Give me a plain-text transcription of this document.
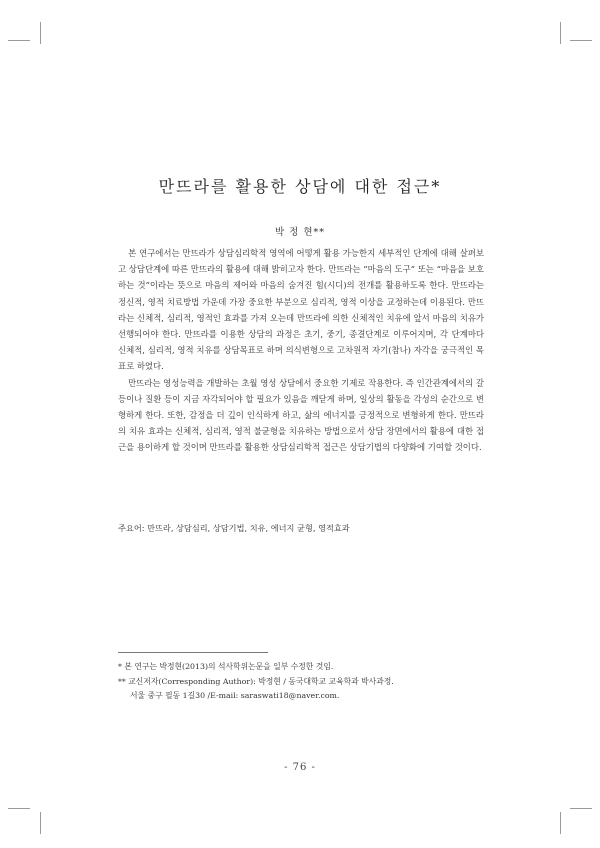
만뜨라를 활용한 상담에 대한 접근*
박 정 현**

본 연구에서는 만뜨라가 상담심리학적 영역에 어떻게 활용 가능한지 세부적인 단계에 대해 살펴보고 상담단계에 따른 만뜨라의 활용에 대해 밝히고자 한다. 만뜨라는 “마음의 도구” 또는 “마음을 보호하는 것”이라는 뜻으로 마음의 제어와 마음의 숨겨진 힘(시디)의 전개를 활용하도록 한다. 만뜨라는 정신적, 영적 치료방법 가운데 가장 중요한 부분으로 심리적, 영적 이상을 교정하는데 이용된다. 만뜨라는 신체적, 심리적, 영적인 효과를 가져 오는데 만뜨라에 의한 신체적인 치유에 앞서 마음의 치유가 선행되어야 한다. 만뜨라를 이용한 상담의 과정은 초기, 중기, 종결단계로 이루어지며, 각 단계마다 신체적, 심리적, 영적 치유를 상담목표로 하며 의식변형으로 고차원적 자기(참나) 자각을 궁극적인 목표로 하였다.

만뜨라는 영성능력을 개발하는 초월 영성 상담에서 중요한 기제로 작용한다. 즉 인간관계에서의 갈등이나 질환 등이 지금 자각되어야 할 필요가 있음을 깨닫게 하며, 일상의 활동을 각성의 순간으로 변형하게 한다. 또한, 감정을 더 깊이 인식하게 하고, 삶의 에너지를 긍정적으로 변형하게 한다. 만뜨라의 치유 효과는 신체적, 심리적, 영적 불균형을 치유하는 방법으로서 상담 장면에서의 활용에 대한 접근을 용이하게 할 것이며 만뜨라를 활용한 상담심리학적 접근은 상담기법의 다양화에 기여할 것이다.

주요어: 만뜨라, 상담심리, 상담기법, 치유, 에너지 균형, 영적효과
* 본 연구는 박정현(2013)의 석사학위논문을 일부 수정한 것임.
** 교신저자(Corresponding Author): 박정현 / 동국대학교 교육학과 박사과정.
서울 중구 필동 1길30 /E-mail: saraswati18@naver.com.
- 76 -
